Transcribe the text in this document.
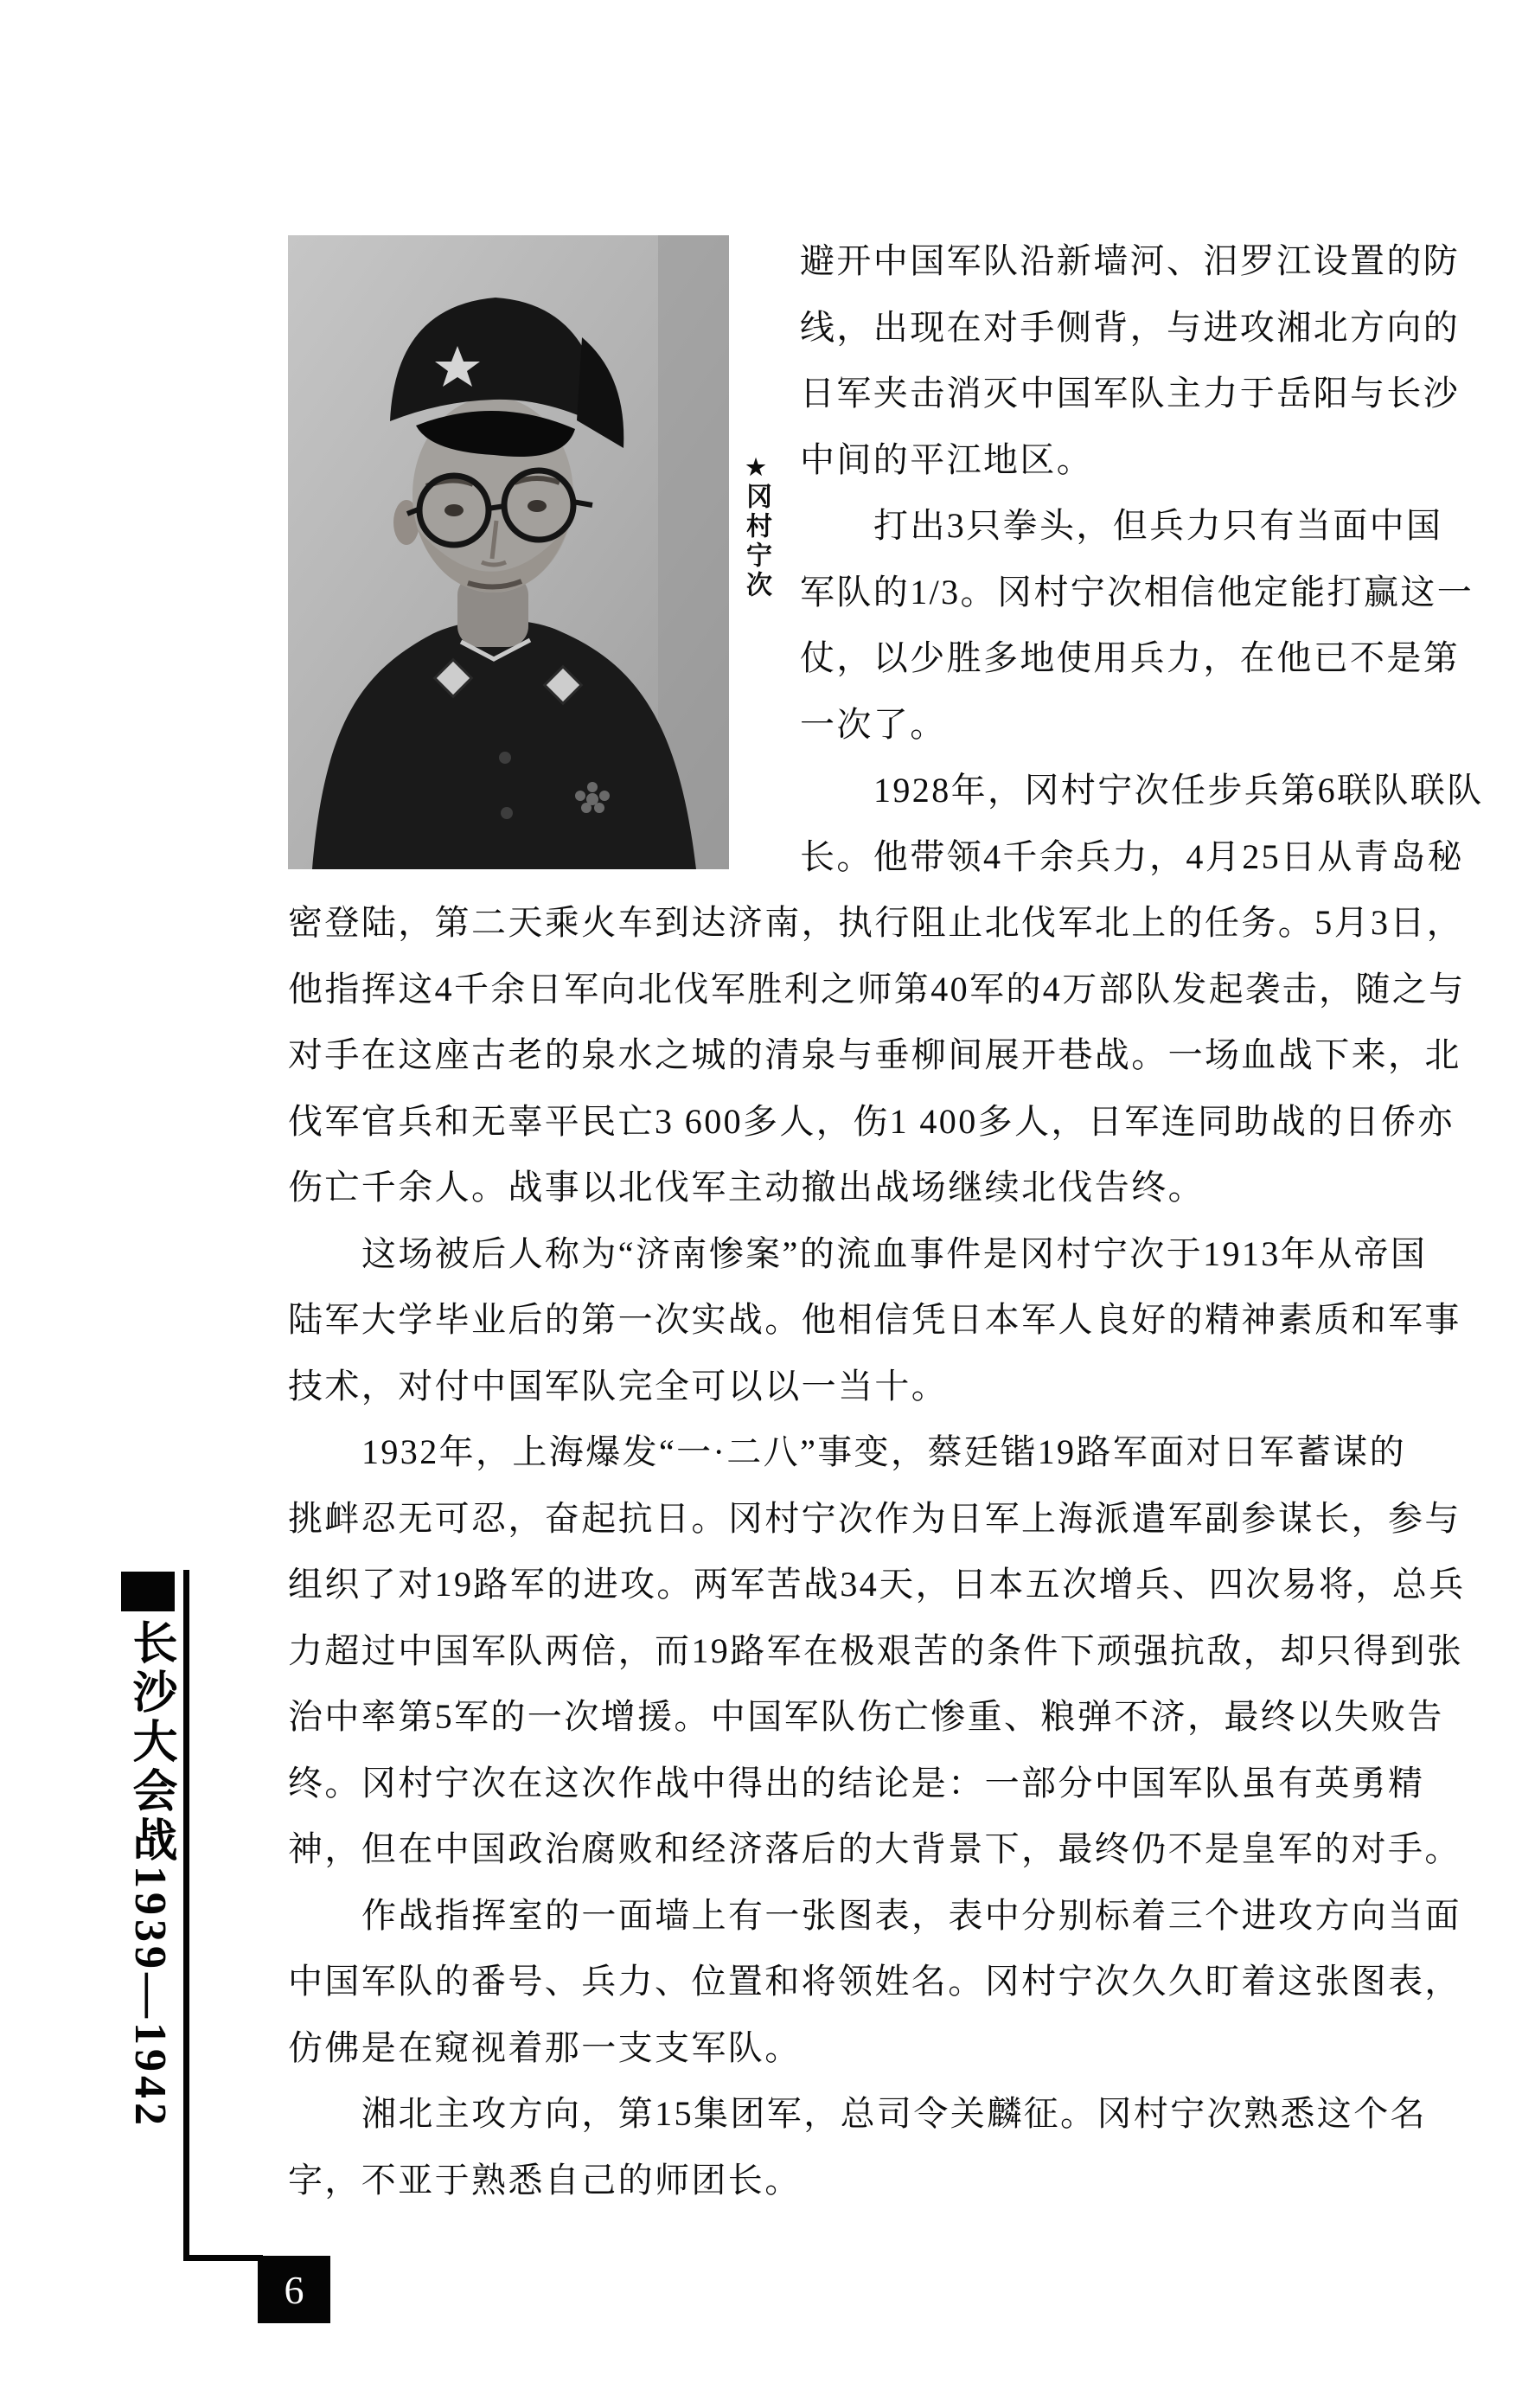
★冈村宁次
避开中国军队沿新墙河、汨罗江设置的防
线，出现在对手侧背，与进攻湘北方向的
日军夹击消灭中国军队主力于岳阳与长沙
中间的平江地区。
打出3只拳头，但兵力只有当面中国
军队的1/3。冈村宁次相信他定能打赢这一
仗，以少胜多地使用兵力，在他已不是第
一次了。
1928年，冈村宁次任步兵第6联队联队
长。他带领4千余兵力，4月25日从青岛秘
密登陆，第二天乘火车到达济南，执行阻止北伐军北上的任务。5月3日，
他指挥这4千余日军向北伐军胜利之师第40军的4万部队发起袭击，随之与
对手在这座古老的泉水之城的清泉与垂柳间展开巷战。一场血战下来，北
伐军官兵和无辜平民亡3 600多人，伤1 400多人，日军连同助战的日侨亦
伤亡千余人。战事以北伐军主动撤出战场继续北伐告终。
这场被后人称为“济南惨案”的流血事件是冈村宁次于1913年从帝国
陆军大学毕业后的第一次实战。他相信凭日本军人良好的精神素质和军事
技术，对付中国军队完全可以以一当十。
1932年，上海爆发“一·二八”事变，蔡廷锴19路军面对日军蓄谋的
挑衅忍无可忍，奋起抗日。冈村宁次作为日军上海派遣军副参谋长，参与
组织了对19路军的进攻。两军苦战34天，日本五次增兵、四次易将，总兵
力超过中国军队两倍，而19路军在极艰苦的条件下顽强抗敌，却只得到张
治中率第5军的一次增援。中国军队伤亡惨重、粮弹不济，最终以失败告
终。冈村宁次在这次作战中得出的结论是：一部分中国军队虽有英勇精
神，但在中国政治腐败和经济落后的大背景下，最终仍不是皇军的对手。
作战指挥室的一面墙上有一张图表，表中分别标着三个进攻方向当面
中国军队的番号、兵力、位置和将领姓名。冈村宁次久久盯着这张图表，
仿佛是在窥视着那一支支军队。
湘北主攻方向，第15集团军，总司令关麟征。冈村宁次熟悉这个名
字，不亚于熟悉自己的师团长。
长沙大会战1939—1942
6
